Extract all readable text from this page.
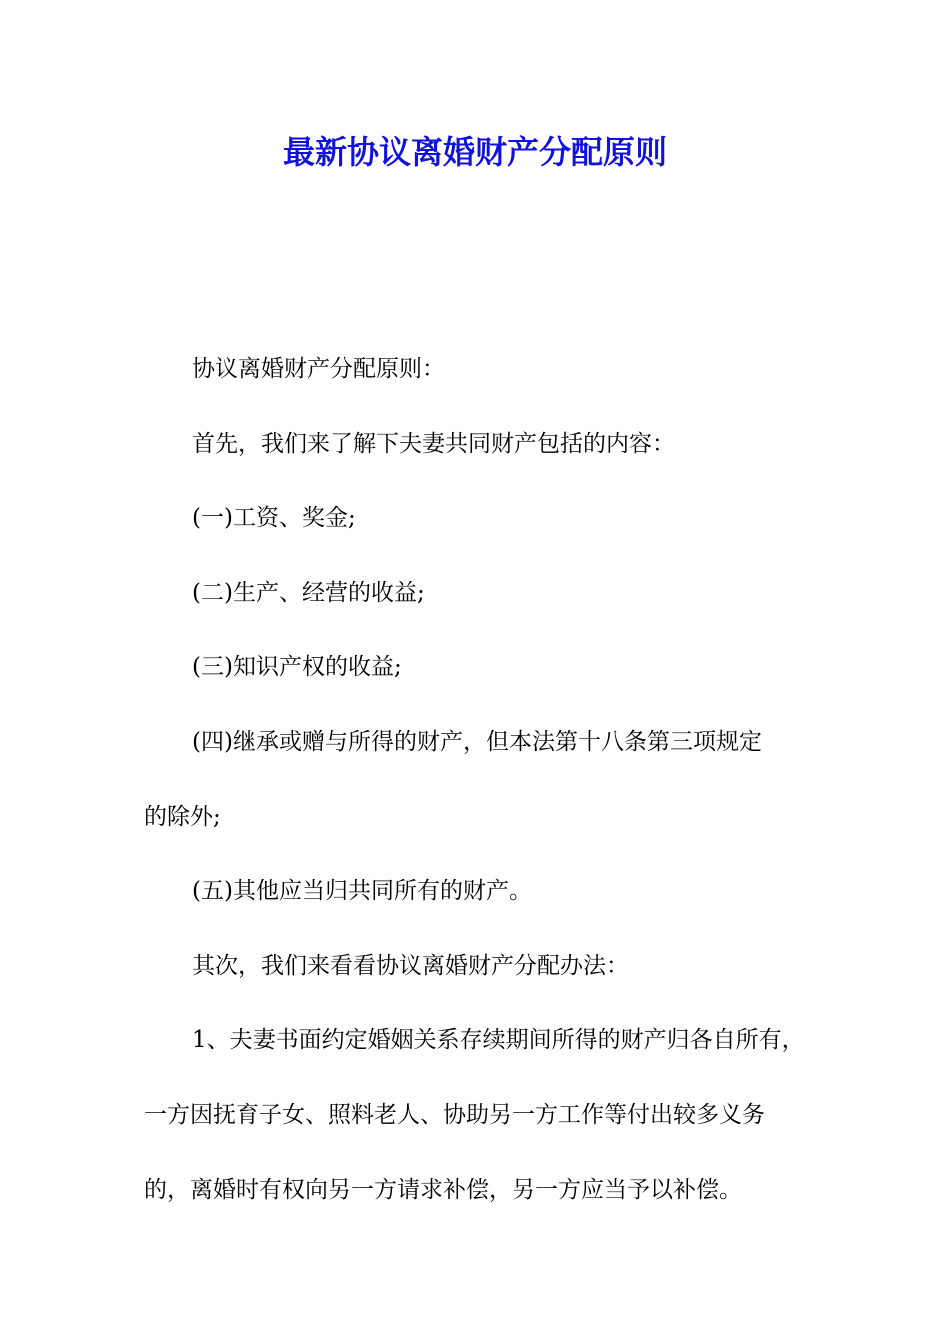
最新协议离婚财产分配原则
协议离婚财产分配原则：
首先，我们来了解下夫妻共同财产包括的内容：
(一)工资、奖金;
(二)生产、经营的收益;
(三)知识产权的收益;
(四)继承或赠与所得的财产，但本法第十八条第三项规定
的除外;
(五)其他应当归共同所有的财产。
其次，我们来看看协议离婚财产分配办法：
1、夫妻书面约定婚姻关系存续期间所得的财产归各自所有，
一方因抚育子女、照料老人、协助另一方工作等付出较多义务
的，离婚时有权向另一方请求补偿，另一方应当予以补偿。
